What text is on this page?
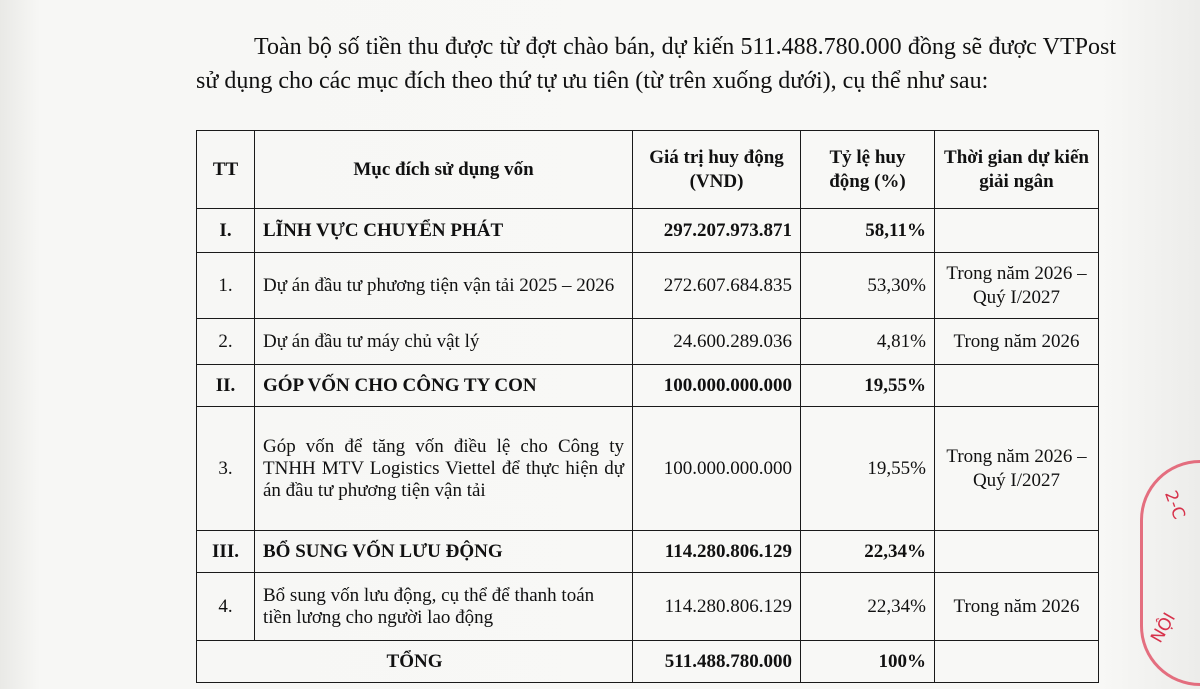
Toàn bộ số tiền thu được từ đợt chào bán, dự kiến 511.488.780.000 đồng sẽ được VTPost sử dụng cho các mục đích theo thứ tự ưu tiên (từ trên xuống dưới), cụ thể như sau:

TT	Mục đích sử dụng vốn	Giá trị huy động (VND)	Tỷ lệ huy động (%)	Thời gian dự kiến giải ngân
I.	LĨNH VỰC CHUYỂN PHÁT	297.207.973.871	58,11%	
1.	Dự án đầu tư phương tiện vận tải 2025 – 2026	272.607.684.835	53,30%	Trong năm 2026 – Quý I/2027
2.	Dự án đầu tư máy chủ vật lý	24.600.289.036	4,81%	Trong năm 2026
II.	GÓP VỐN CHO CÔNG TY CON	100.000.000.000	19,55%	
3.	Góp vốn để tăng vốn điều lệ cho Công ty TNHH MTV Logistics Viettel để thực hiện dự án đầu tư phương tiện vận tải	100.000.000.000	19,55%	Trong năm 2026 – Quý I/2027
III.	BỔ SUNG VỐN LƯU ĐỘNG	114.280.806.129	22,34%	
4.	Bổ sung vốn lưu động, cụ thể để thanh toán tiền lương cho người lao động	114.280.806.129	22,34%	Trong năm 2026
TỔNG		511.488.780.000	100%	
2-C
NỘI
